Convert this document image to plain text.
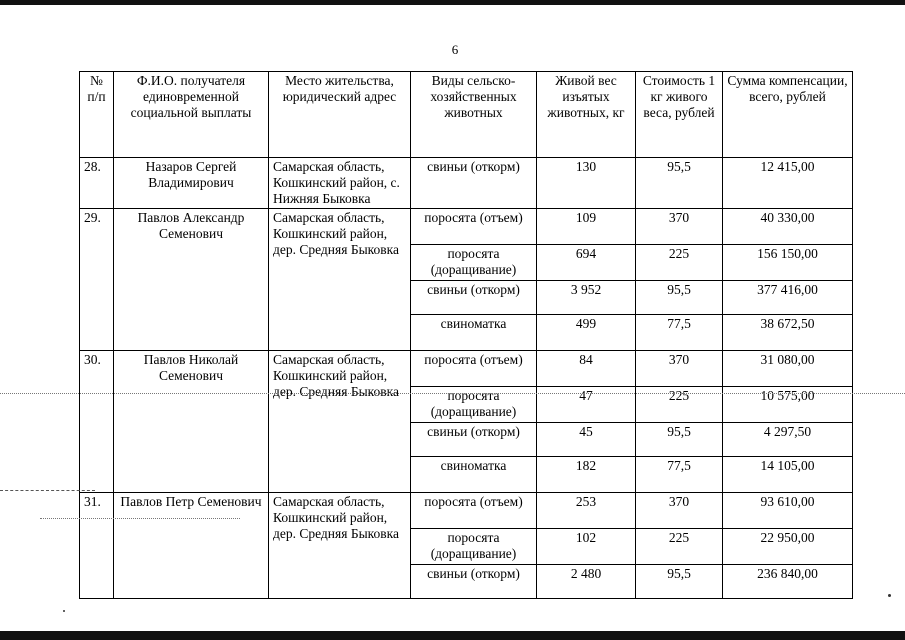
6
№ п/п	Ф.И.О. получателя единовременной социальной выплаты	Место жительства, юридический адрес	Виды сельско-хозяйственных животных	Живой вес изъятых животных, кг	Стоимость 1 кг живого веса, рублей	Сумма компенсации, всего, рублей
28.	Назаров Сергей Владимирович	Самарская область, Кошкинский район, с. Нижняя Быковка	свиньи (откорм)	130	95,5	12 415,00
29.	Павлов Александр Семенович	Самарская область, Кошкинский район, дер. Средняя Быковка	поросята (отъем)	109	370	40 330,00
			поросята (доращивание)	694	225	156 150,00
			свиньи (откорм)	3 952	95,5	377 416,00
			свиноматка	499	77,5	38 672,50
30.	Павлов Николай Семенович	Самарская область, Кошкинский район, дер. Средняя Быковка	поросята (отъем)	84	370	31 080,00
			поросята (доращивание)	47	225	10 575,00
			свиньи (откорм)	45	95,5	4 297,50
			свиноматка	182	77,5	14 105,00
31.	Павлов Петр Семенович	Самарская область, Кошкинский район, дер. Средняя Быковка	поросята (отъем)	253	370	93 610,00
			поросята (доращивание)	102	225	22 950,00
			свиньи (откорм)	2 480	95,5	236 840,00
